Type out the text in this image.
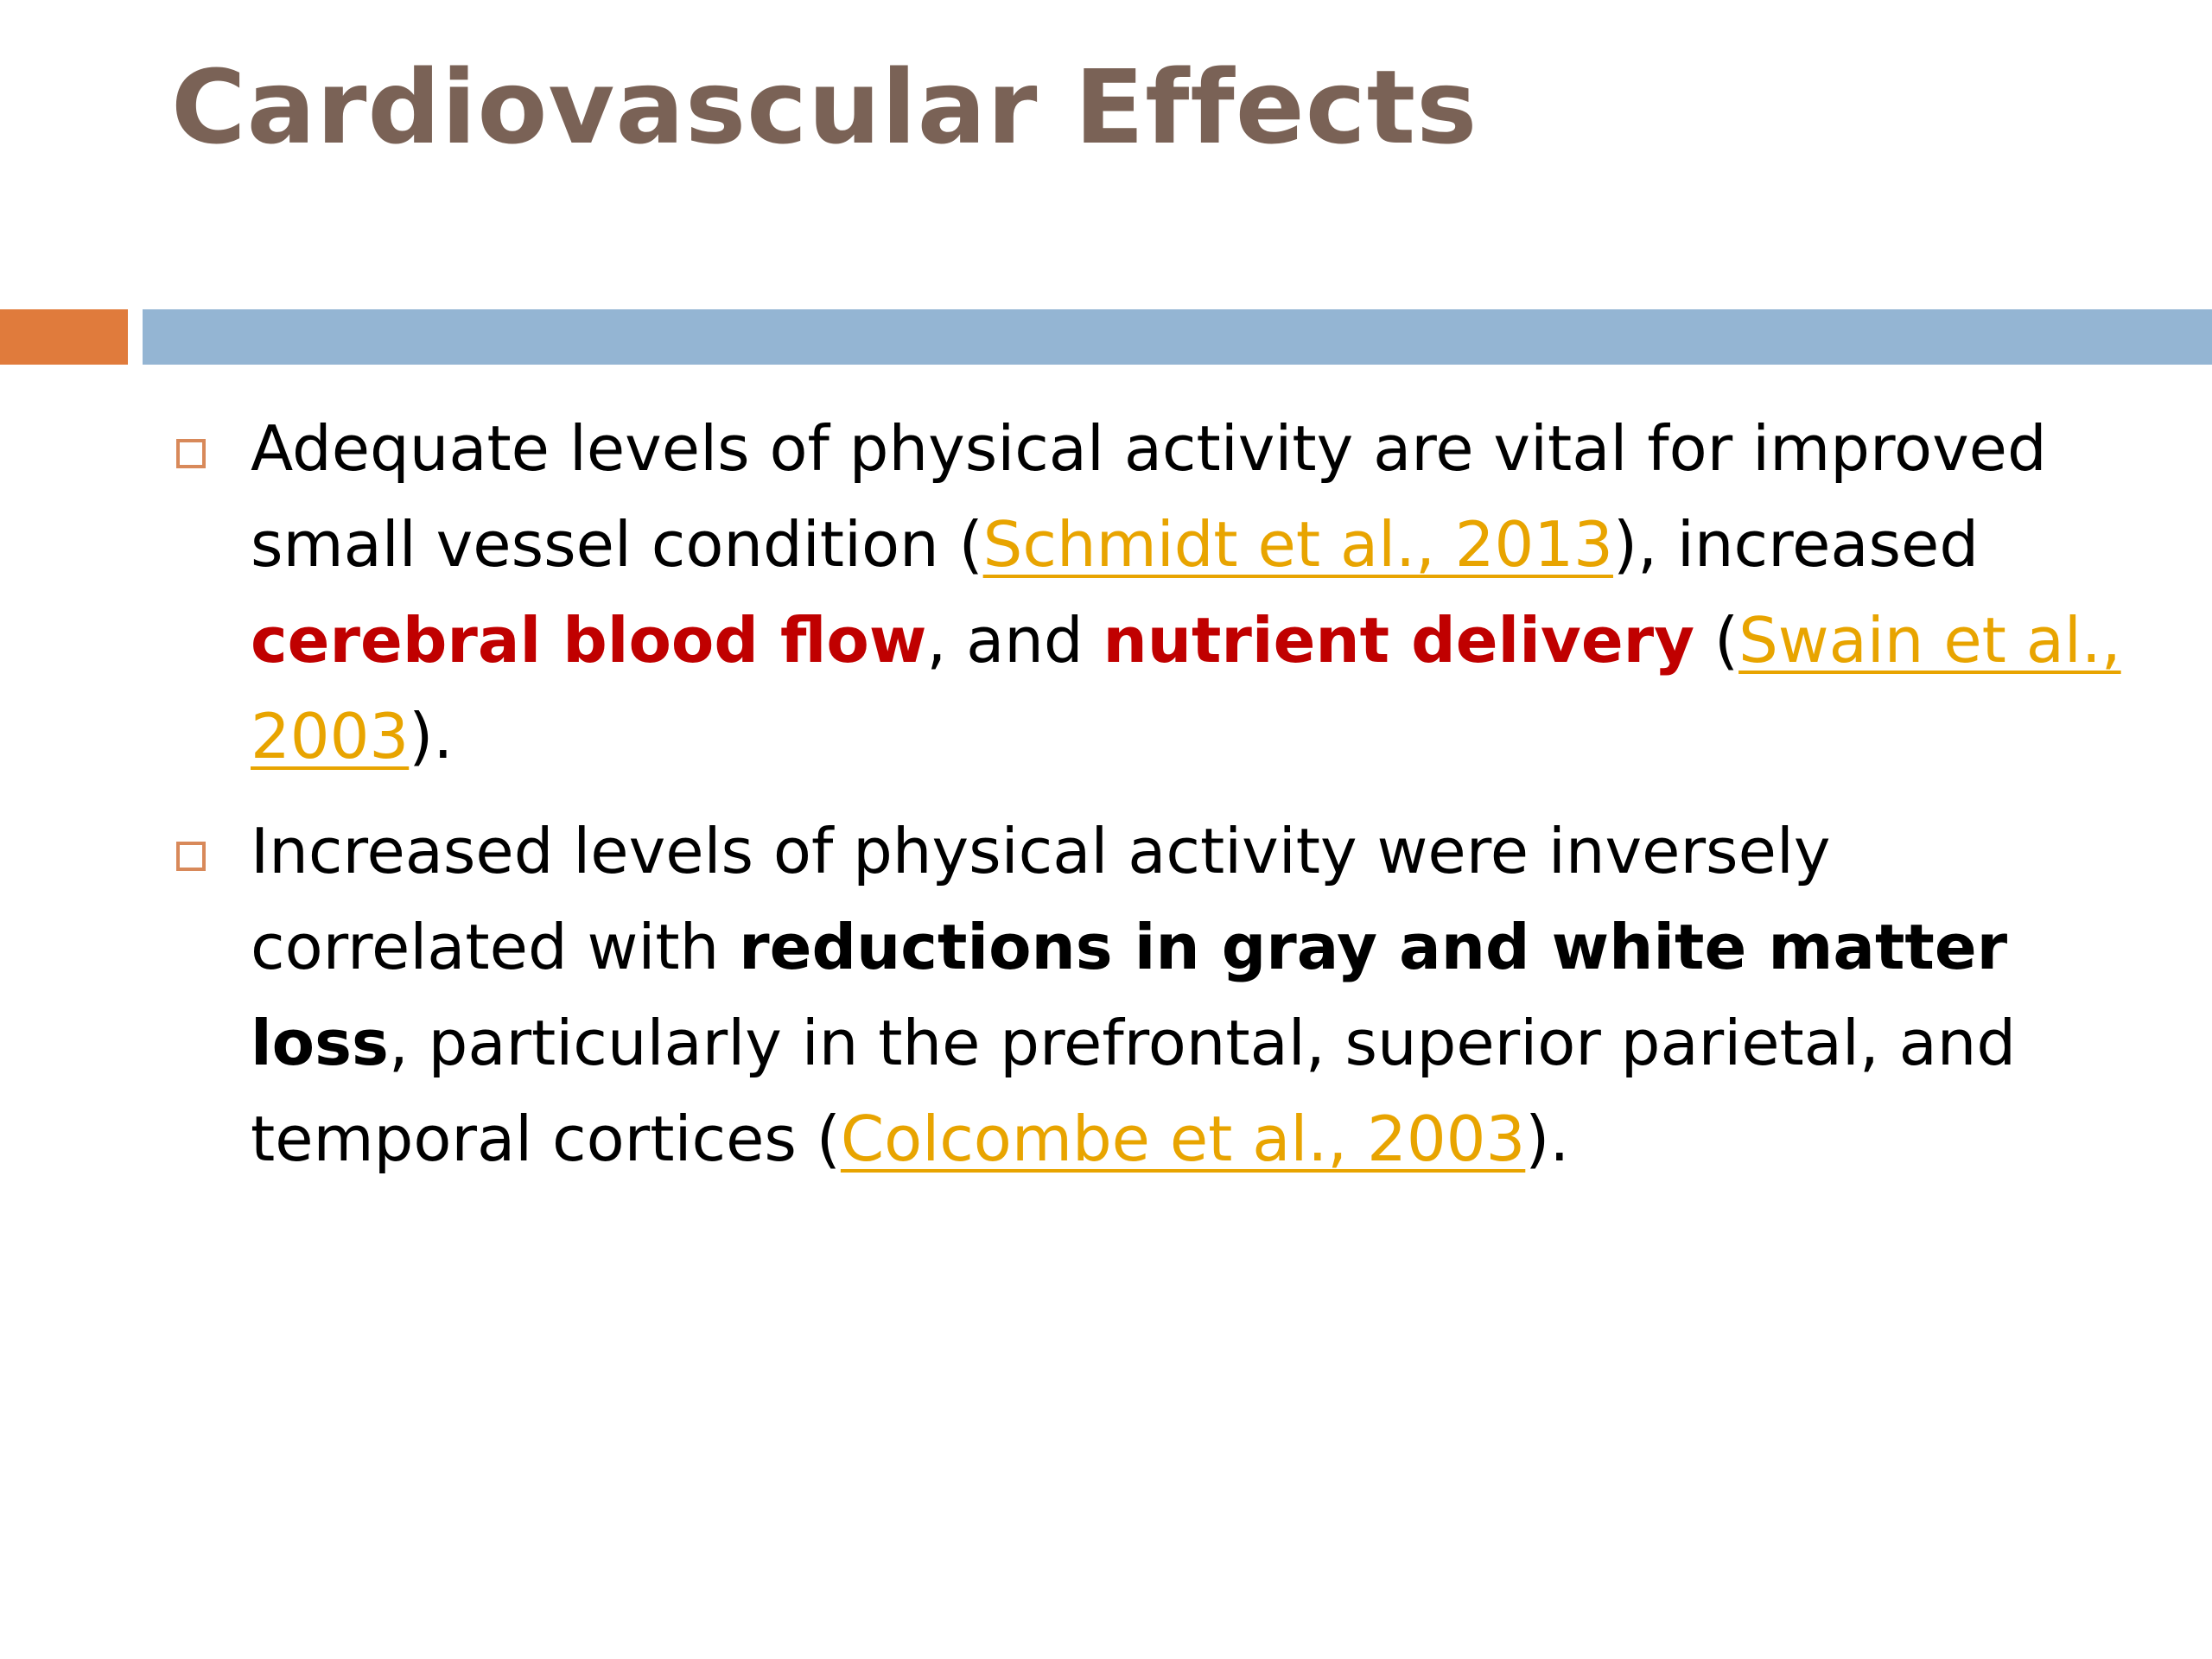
Cardiovascular Effects
Adequate levels of physical activity are vital for improved small vessel condition (Schmidt et al., 2013), increased cerebral blood flow, and nutrient delivery (Swain et al., 2003).
Increased levels of physical activity were inversely correlated with reductions in gray and white matter loss, particularly in the prefrontal, superior parietal, and temporal cortices (Colcombe et al., 2003).
